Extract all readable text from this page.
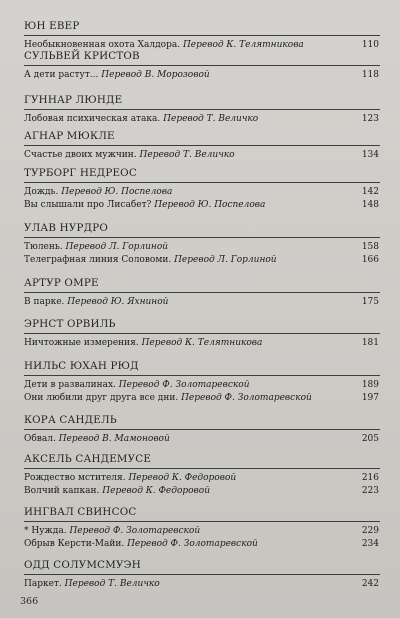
ЮН ЕВЕР
Необыкновенная охота Халдора. Перевод К. Телятникова	110
СУЛЬВЕЙ КРИСТОВ
А дети растут... Перевод В. Морозовой	118
ГУННАР ЛЮНДЕ
Лобовая психическая атака. Перевод Т. Величко	123
АГНАР МЮКЛЕ
Счастье двоих мужчин. Перевод Т. Величко	134
ТУРБОРГ НЕДРЕОС
Дождь. Перевод Ю. Поспелова	142
Вы слышали про Лисабет? Перевод Ю. Поспелова	148
УЛАВ НУРДРО
Тюлень. Перевод Л. Горлиной	158
Телеграфная линия Соловоми. Перевод Л. Горлиной	166
АРТУР ОМРЕ
В парке. Перевод Ю. Яхниной	175
ЭРНСТ ОРВИЛЬ
Ничтожные измерения. Перевод К. Телятникова	181
НИЛЬС ЮХАН РЮД
Дети в развалинах. Перевод Ф. Золотаревской	189
Они любили друг друга все дни. Перевод Ф. Золотаревской	197
КОРА САНДЕЛЬ
Обвал. Перевод В. Мамоновой	205
АКСЕЛЬ САНДЕМУСЕ
Рождество мстителя. Перевод К. Федоровой	216
Волчий капкан. Перевод К. Федоровой	223
ИНГВАЛ СВИНСОС
* Нужда. Перевод Ф. Золотаревской	229
Обрыв Керсти-Майи. Перевод Ф. Золотаревской	234
ОДД СОЛУМСМУЭН
Паркет. Перевод Т. Величко	242
366
